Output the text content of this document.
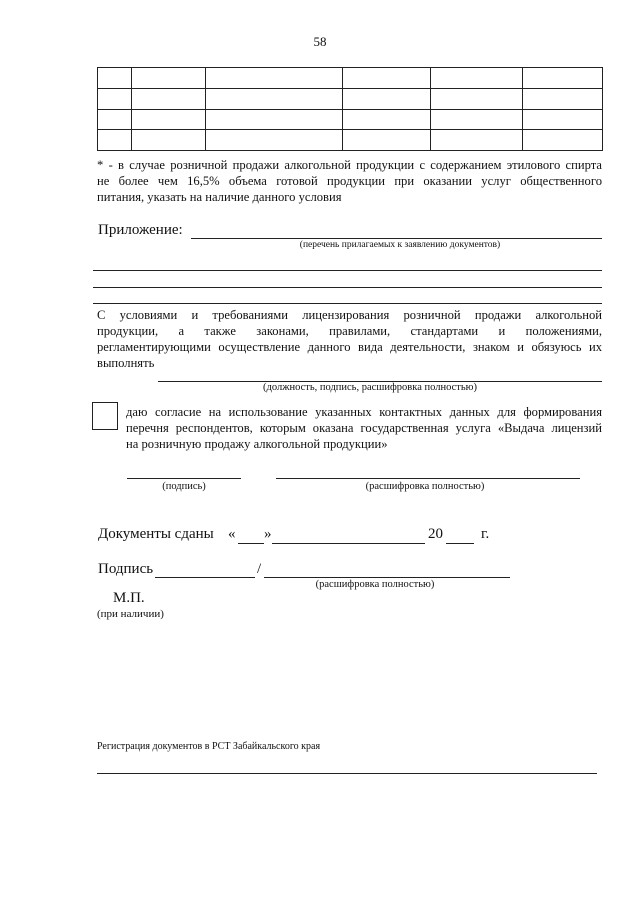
58

* - в случае розничной продажи алкогольной продукции с содержанием этилового спирта
не более чем 16,5% объема готовой продукции при оказании услуг общественного
питания, указать на наличие данного условия
Приложение:
(перечень прилагаемых к заявлению документов)
С условиями и требованиями лицензирования розничной продажи алкогольной
продукции, а также законами, правилами, стандартами и положениями,
регламентирующими осуществление данного вида деятельности, знаком и обязуюсь их
выполнять
(должность, подпись, расшифровка полностью)
даю согласие на использование указанных контактных данных для формирования
перечня респондентов, которым оказана государственная услуга «Выдача лицензий
на розничную продажу алкогольной продукции»
(подпись)	(расшифровка полностью)
Документы сданы « »	20	г.
Подпись	/
(расшифровка полностью)
М.П.
(при наличии)
Регистрация документов в РСТ Забайкальского края
